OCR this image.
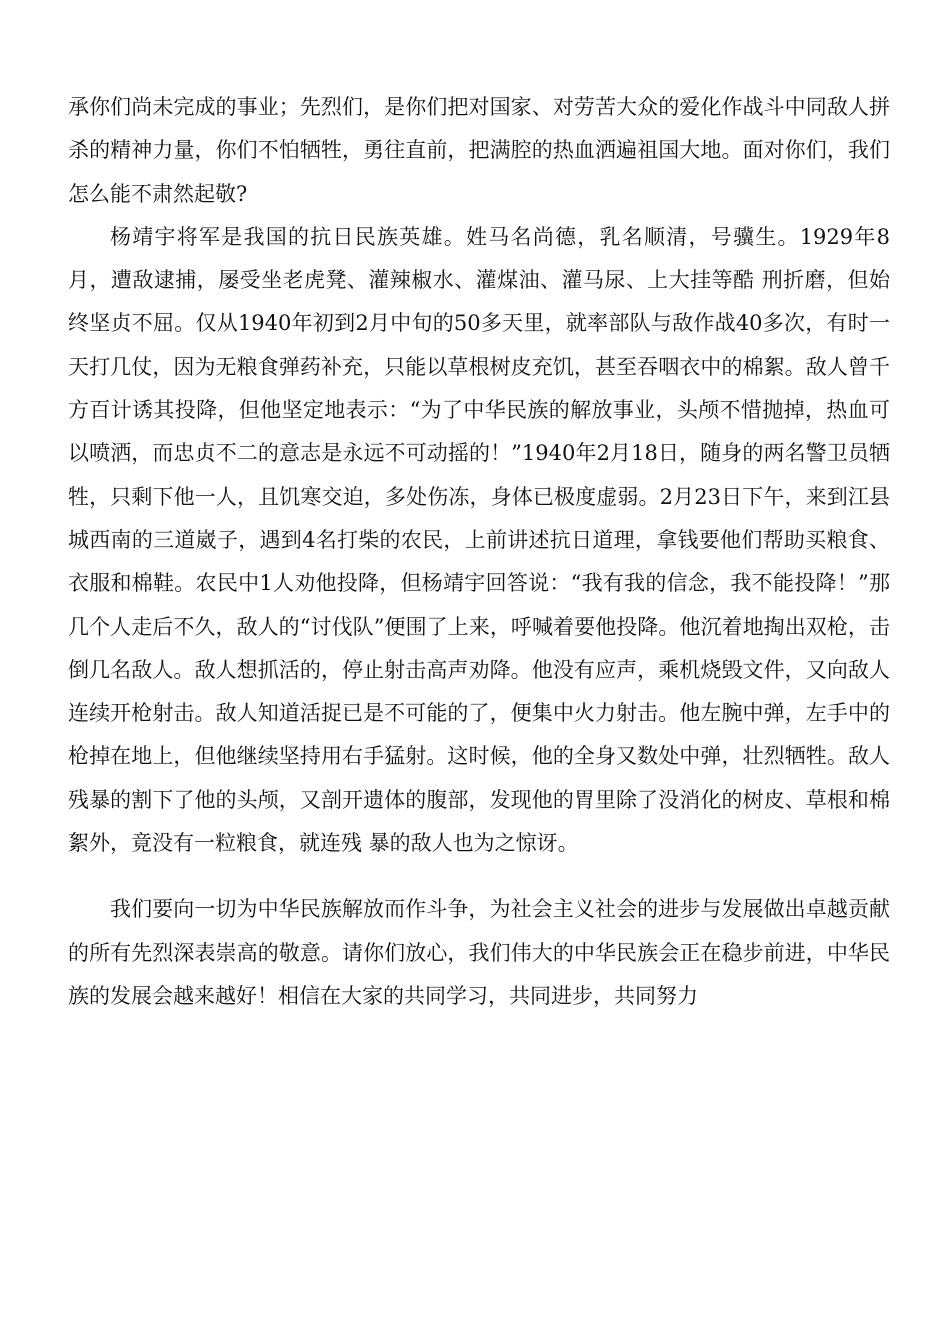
承你们尚未完成的事业；先烈们，是你们把对国家、对劳苦大众的爱化作战斗中同敌人拼杀的精神力量，你们不怕牺牲，勇往直前，把满腔的热血洒遍祖国大地。面对你们，我们怎么能不肃然起敬?

杨靖宇将军是我国的抗日民族英雄。姓马名尚德，乳名顺清，号骥生。1929年8月，遭敌逮捕，屡受坐老虎凳、灌辣椒水、灌煤油、灌马尿、上大挂等酷 刑折磨，但始终坚贞不屈。仅从1940年初到2月中旬的50多天里，就率部队与敌作战40多次，有时一天打几仗，因为无粮食弹药补充，只能以草根树皮充饥，甚至吞咽衣中的棉絮。敌人曾千方百计诱其投降，但他坚定地表示：“为了中华民族的解放事业，头颅不惜抛掉，热血可以喷洒，而忠贞不二的意志是永远不可动摇的！”1940年2月18日，随身的两名警卫员牺牲，只剩下他一人，且饥寒交迫，多处伤冻，身体已极度虚弱。2月23日下午，来到江县城西南的三道崴子，遇到4名打柴的农民，上前讲述抗日道理，拿钱要他们帮助买粮食、衣服和棉鞋。农民中1人劝他投降，但杨靖宇回答说：“我有我的信念，我不能投降！”那几个人走后不久，敌人的“讨伐队”便围了上来，呼喊着要他投降。他沉着地掏出双枪，击倒几名敌人。敌人想抓活的，停止射击高声劝降。他没有应声，乘机烧毁文件，又向敌人连续开枪射击。敌人知道活捉已是不可能的了，便集中火力射击。他左腕中弹，左手中的枪掉在地上，但他继续坚持用右手猛射。这时候，他的全身又数处中弹，壮烈牺牲。敌人残暴的割下了他的头颅，又剖开遗体的腹部，发现他的胃里除了没消化的树皮、草根和棉絮外，竟没有一粒粮食，就连残 暴的敌人也为之惊讶。

我们要向一切为中华民族解放而作斗争，为社会主义社会的进步与发展做出卓越贡献的所有先烈深表崇高的敬意。请你们放心，我们伟大的中华民族会正在稳步前进，中华民族的发展会越来越好！相信在大家的共同学习，共同进步，共同努力
